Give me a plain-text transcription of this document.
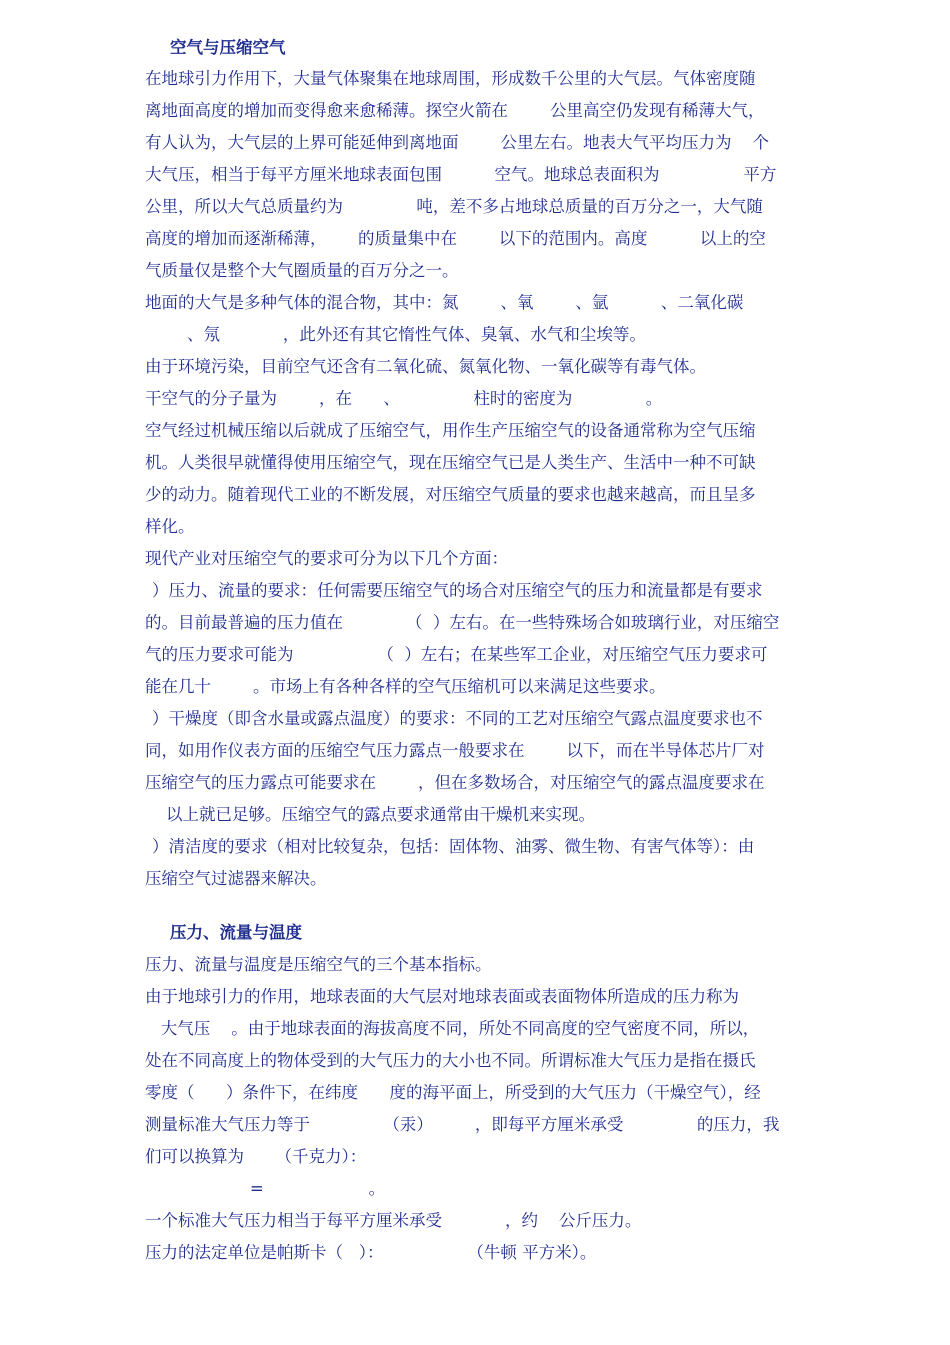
空气与压缩空气
在地球引力作用下，大量气体聚集在地球周围，形成数千公里的大气层。气体密度随
离地面高度的增加而变得愈来愈稀薄。探空火箭在        公里高空仍发现有稀薄大气，
有人认为，大气层的上界可能延伸到离地面        公里左右。地表大气平均压力为    个
大气压，相当于每平方厘米地球表面包围          空气。地球总表面积为                平方
公里，所以大气总质量约为              吨，差不多占地球总质量的百万分之一，大气随
高度的增加而逐渐稀薄，      的质量集中在        以下的范围内。高度          以上的空
气质量仅是整个大气圈质量的百万分之一。
地面的大气是多种气体的混合物，其中：氮        、氧        、氩          、二氧化碳
、氖            ，此外还有其它惰性气体、臭氧、水气和尘埃等。
由于环境污染，目前空气还含有二氧化硫、氮氧化物、一氧化碳等有毒气体。
干空气的分子量为        ，在      、              柱时的密度为              。
空气经过机械压缩以后就成了压缩空气，用作生产压缩空气的设备通常称为空气压缩
机。人类很早就懂得使用压缩空气，现在压缩空气已是人类生产、生活中一种不可缺
少的动力。随着现代工业的不断发展，对压缩空气质量的要求也越来越高，而且呈多
样化。
现代产业对压缩空气的要求可分为以下几个方面：
）压力、流量的要求：任何需要压缩空气的场合对压缩空气的压力和流量都是有要求
的。目前最普遍的压力值在            （  ）左右。在一些特殊场合如玻璃行业，对压缩空
气的压力要求可能为                （  ）左右；在某些军工企业，对压缩空气压力要求可
能在几十        。市场上有各种各样的空气压缩机可以来满足这些要求。
）干燥度（即含水量或露点温度）的要求：不同的工艺对压缩空气露点温度要求也不
同，如用作仪表方面的压缩空气压力露点一般要求在        以下，而在半导体芯片厂对
压缩空气的压力露点可能要求在        ，但在多数场合，对压缩空气的露点温度要求在
以上就已足够。压缩空气的露点要求通常由干燥机来实现。
）清洁度的要求（相对比较复杂，包括：固体物、油雾、微生物、有害气体等）：由
压缩空气过滤器来解决。
压力、流量与温度
压力、流量与温度是压缩空气的三个基本指标。
由于地球引力的作用，地球表面的大气层对地球表面或表面物体所造成的压力称为
大气压    。由于地球表面的海拔高度不同，所处不同高度的空气密度不同，所以，
处在不同高度上的物体受到的大气压力的大小也不同。所谓标准大气压力是指在摄氏
零度（      ）条件下，在纬度      度的海平面上，所受到的大气压力（干燥空气），经
测量标准大气压力等于              （汞）        ，即每平方厘米承受              的压力，我
们可以换算为      （千克力）：
=                    。
一个标准大气压力相当于每平方厘米承受            ，约    公斤压力。
压力的法定单位是帕斯卡（   ）：                （牛顿 平方米）。
